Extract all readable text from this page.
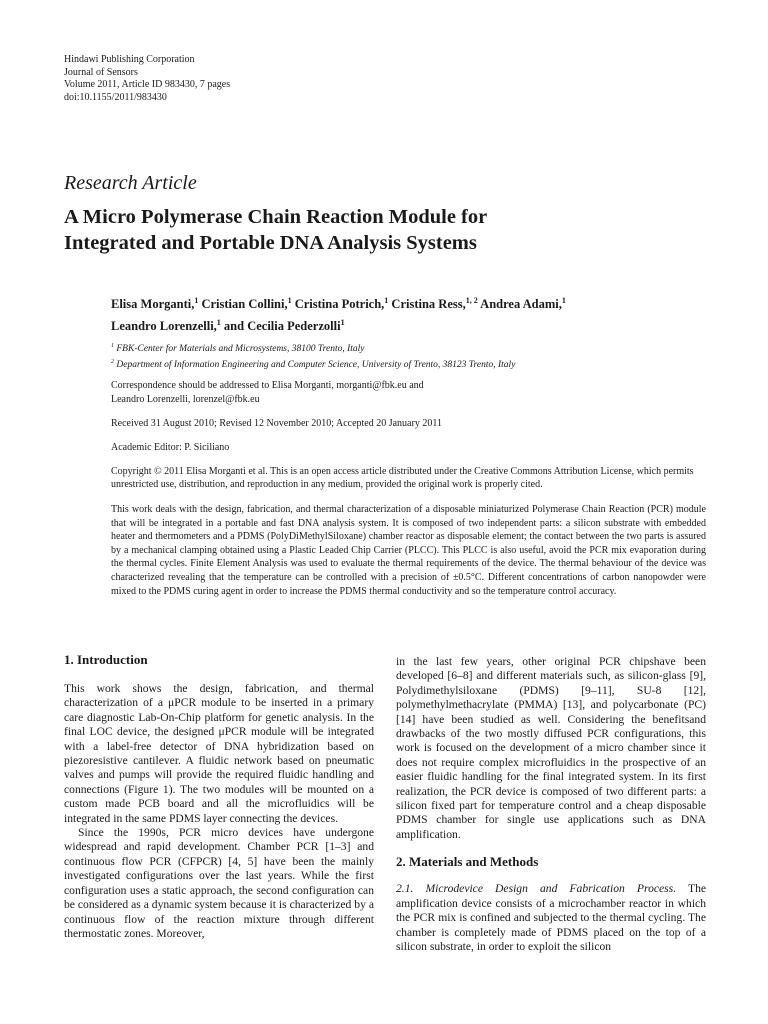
Hindawi Publishing Corporation
Journal of Sensors
Volume 2011, Article ID 983430, 7 pages
doi:10.1155/2011/983430
Research Article
A Micro Polymerase Chain Reaction Module for
Integrated and Portable DNA Analysis Systems
Elisa Morganti,$^1$ Cristian Collini,$^1$ Cristina Potrich,$^1$ Cristina Ress,$^{1, 2}$ Andrea Adami,$^1$
Leandro Lorenzelli,$^1$ and Cecilia Pederzolli$^1$
$^1$ FBK-Center for Materials and Microsystems, 38100 Trento, Italy
$^2$ Department of Information Engineering and Computer Science, University of Trento, 38123 Trento, Italy
Correspondence should be addressed to Elisa Morganti, morganti@fbk.eu and
Leandro Lorenzelli, lorenzel@fbk.eu
Received 31 August 2010; Revised 12 November 2010; Accepted 20 January 2011
Academic Editor: P. Siciliano
Copyright © 2011 Elisa Morganti et al. This is an open access article distributed under the Creative Commons Attribution License, which permits unrestricted use, distribution, and reproduction in any medium, provided the original work is properly cited.
This work deals with the design, fabrication, and thermal characterization of a disposable miniaturized Polymerase Chain Reaction (PCR) module that will be integrated in a portable and fast DNA analysis system. It is composed of two independent parts: a silicon substrate with embedded heater and thermometers and a PDMS (PolyDiMethylSiloxane) chamber reactor as disposable element; the contact between the two parts is assured by a mechanical clamping obtained using a Plastic Leaded Chip Carrier (PLCC). This PLCC is also useful, avoid the PCR mix evaporation during the thermal cycles. Finite Element Analysis was used to evaluate the thermal requirements of the device. The thermal behaviour of the device was characterized revealing that the temperature can be controlled with a precision of ±0.5°C. Different concentrations of carbon nanopowder were mixed to the PDMS curing agent in order to increase the PDMS thermal conductivity and so the temperature control accuracy.
1. Introduction

This work shows the design, fabrication, and thermal characterization of a μPCR module to be inserted in a primary care diagnostic Lab-On-Chip platform for genetic analysis. In the final LOC device, the designed μPCR module will be integrated with a label-free detector of DNA hybridization based on piezoresistive cantilever. A fluidic network based on pneumatic valves and pumps will provide the required fluidic handling and connections (Figure 1). The two modules will be mounted on a custom made PCB board and all the microfluidics will be integrated in the same PDMS layer connecting the devices.

Since the 1990s, PCR micro devices have undergone widespread and rapid development. Chamber PCR [1–3] and continuous flow PCR (CFPCR) [4, 5] have been the mainly investigated configurations over the last years. While the first configuration uses a static approach, the second configuration can be considered as a dynamic system because it is characterized by a continuous flow of the reaction mixture through different thermostatic zones. Moreover,

in the last few years, other original PCR chipshave been developed [6–8] and different materials such, as silicon-glass [9], Polydimethylsiloxane (PDMS) [9–11], SU-8 [12], polymethylmethacrylate (PMMA) [13], and polycarbonate (PC) [14] have been studied as well. Considering the benefitsand drawbacks of the two mostly diffused PCR configurations, this work is focused on the development of a micro chamber since it does not require complex microfluidics in the prospective of an easier fluidic handling for the final integrated system. In its first realization, the PCR device is composed of two different parts: a silicon fixed part for temperature control and a cheap disposable PDMS chamber for single use applications such as DNA amplification.

2. Materials and Methods

2.1. Microdevice Design and Fabrication Process. The amplification device consists of a microchamber reactor in which the PCR mix is confined and subjected to the thermal cycling. The chamber is completely made of PDMS placed on the top of a silicon substrate, in order to exploit the silicon
